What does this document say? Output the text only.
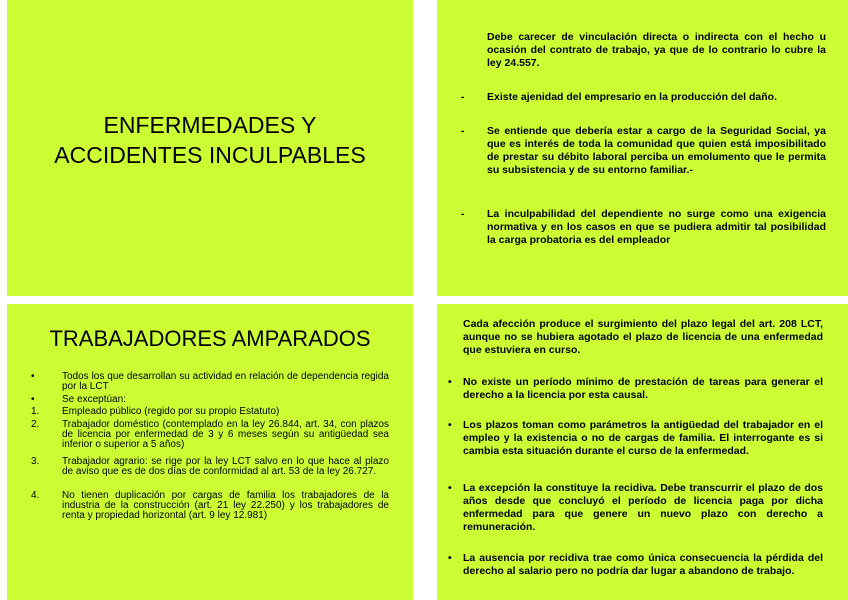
ENFERMEDADES Y
ACCIDENTES INCULPABLES

Debe carecer de vinculación directa o indirecta con el hecho u ocasión del contrato de trabajo, ya que de lo contrario lo cubre la ley 24.557.

- Existe ajenidad del empresario en la producción del daño.

- Se entiende que debería estar a cargo de la Seguridad Social, ya que es interés de toda la comunidad que quien está imposibilitado de prestar su débito laboral perciba un emolumento que le permita su subsistencia y de su entorno familiar.-

- La inculpabilidad del dependiente no surge como una exigencia normativa y en los casos en que se pudiera admitir tal posibilidad la carga probatoria es del empleador

TRABAJADORES AMPARADOS
•	Todos los que desarrollan su actividad en relación de dependencia regida por la LCT

•	Se exceptúan:

1. Empleado público (regido por su propio Estatuto)

2. Trabajador doméstico (contemplado en la ley 26.844, art. 34, con plazos de licencia por enfermedad de 3 y 6 meses según su antigüedad sea inferior o superior a 5 años)

3. Trabajador agrario: se rige por la ley LCT salvo en lo que hace al plazo de aviso que es de dos días de conformidad al art. 53 de la ley 26.727.

4. No tienen duplicación por cargas de familia los trabajadores de la industria de la construcción (art. 21 ley 22.250) y los trabajadores de renta y propiedad horizontal (art. 9 ley 12.981)

Cada afección produce el surgimiento del plazo legal del art. 208 LCT, aunque no se hubiera agotado el plazo de licencia de una enfermedad que estuviera en curso.

• No existe un período mínimo de prestación de tareas para generar el derecho a la licencia por esta causal.

• Los plazos toman como parámetros la antigüedad del trabajador en el empleo y la existencia o no de cargas de familia. El interrogante es si cambia esta situación durante el curso de la enfermedad.

• La excepción la constituye la recidiva. Debe transcurrir el plazo de dos años desde que concluyó el período de licencia paga por dicha enfermedad para que genere un nuevo plazo con derecho a remuneración.

• La ausencia por recidiva trae como única consecuencia la pérdida del derecho al salario pero no podría dar lugar a abandono de trabajo.
